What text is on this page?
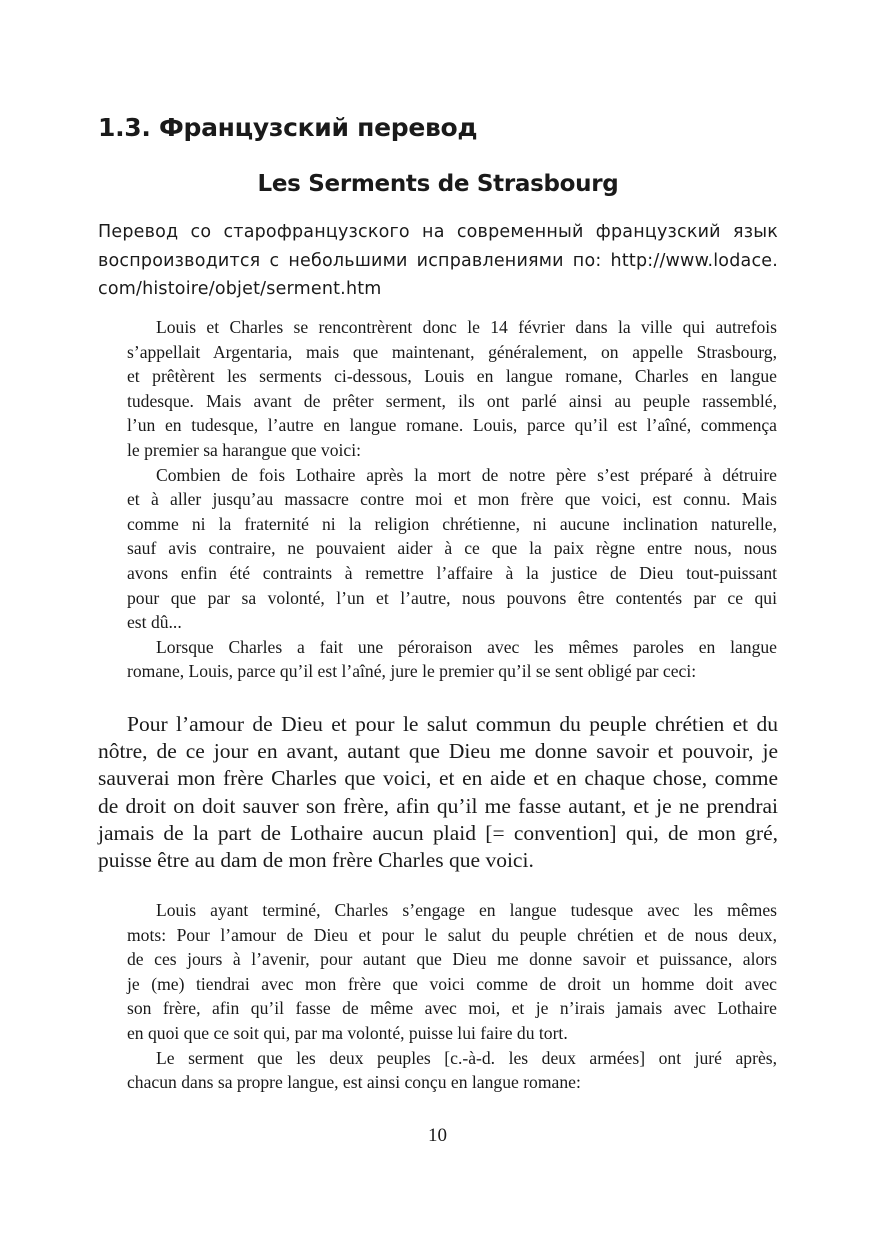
1.3. Французский перевод
Les Serments de Strasbourg

Перевод со старофранцузского на современный французский язык
воспроизводится с небольшими исправлениями по: http://www.lodace.
com/histoire/objet/serment.htm

Louis et Charles se rencontrèrent donc le 14 février dans la ville qui autrefois
s’appellait Argentaria, mais que maintenant, généralement, on appelle Strasbourg,
et prêtèrent les serments ci-dessous, Louis en langue romane, Charles en langue
tudesque. Mais avant de prêter serment, ils ont parlé ainsi au peuple rassemblé,
l’un en tudesque, l’autre en langue romane. Louis, parce qu’il est l’aîné, commença
le premier sa harangue que voici:

Combien de fois Lothaire après la mort de notre père s’est préparé à détruire
et à aller jusqu’au massacre contre moi et mon frère que voici, est connu. Mais
comme ni la fraternité ni la religion chrétienne, ni aucune inclination naturelle,
sauf avis contraire, ne pouvaient aider à ce que la paix règne entre nous, nous
avons enfin été contraints à remettre l’affaire à la justice de Dieu tout-puissant
pour que par sa volonté, l’un et l’autre, nous pouvons être contentés par ce qui
est dû...

Lorsque Charles a fait une péroraison avec les mêmes paroles en langue
romane, Louis, parce qu’il est l’aîné, jure le premier qu’il se sent obligé par ceci:

Pour l’amour de Dieu et pour le salut commun du peuple chrétien et du
nôtre, de ce jour en avant, autant que Dieu me donne savoir et pouvoir, je
sauverai mon frère Charles que voici, et en aide et en chaque chose, comme
de droit on doit sauver son frère, afin qu’il me fasse autant, et je ne prendrai
jamais de la part de Lothaire aucun plaid [= convention] qui, de mon gré,
puisse être au dam de mon frère Charles que voici.

Louis ayant terminé, Charles s’engage en langue tudesque avec les mêmes
mots: Pour l’amour de Dieu et pour le salut du peuple chrétien et de nous deux,
de ces jours à l’avenir, pour autant que Dieu me donne savoir et puissance, alors
je (me) tiendrai avec mon frère que voici comme de droit un homme doit avec
son frère, afin qu’il fasse de même avec moi, et je n’irais jamais avec Lothaire
en quoi que ce soit qui, par ma volonté, puisse lui faire du tort.

Le serment que les deux peuples [c.-à-d. les deux armées] ont juré après,
chacun dans sa propre langue, est ainsi conçu en langue romane:

10
